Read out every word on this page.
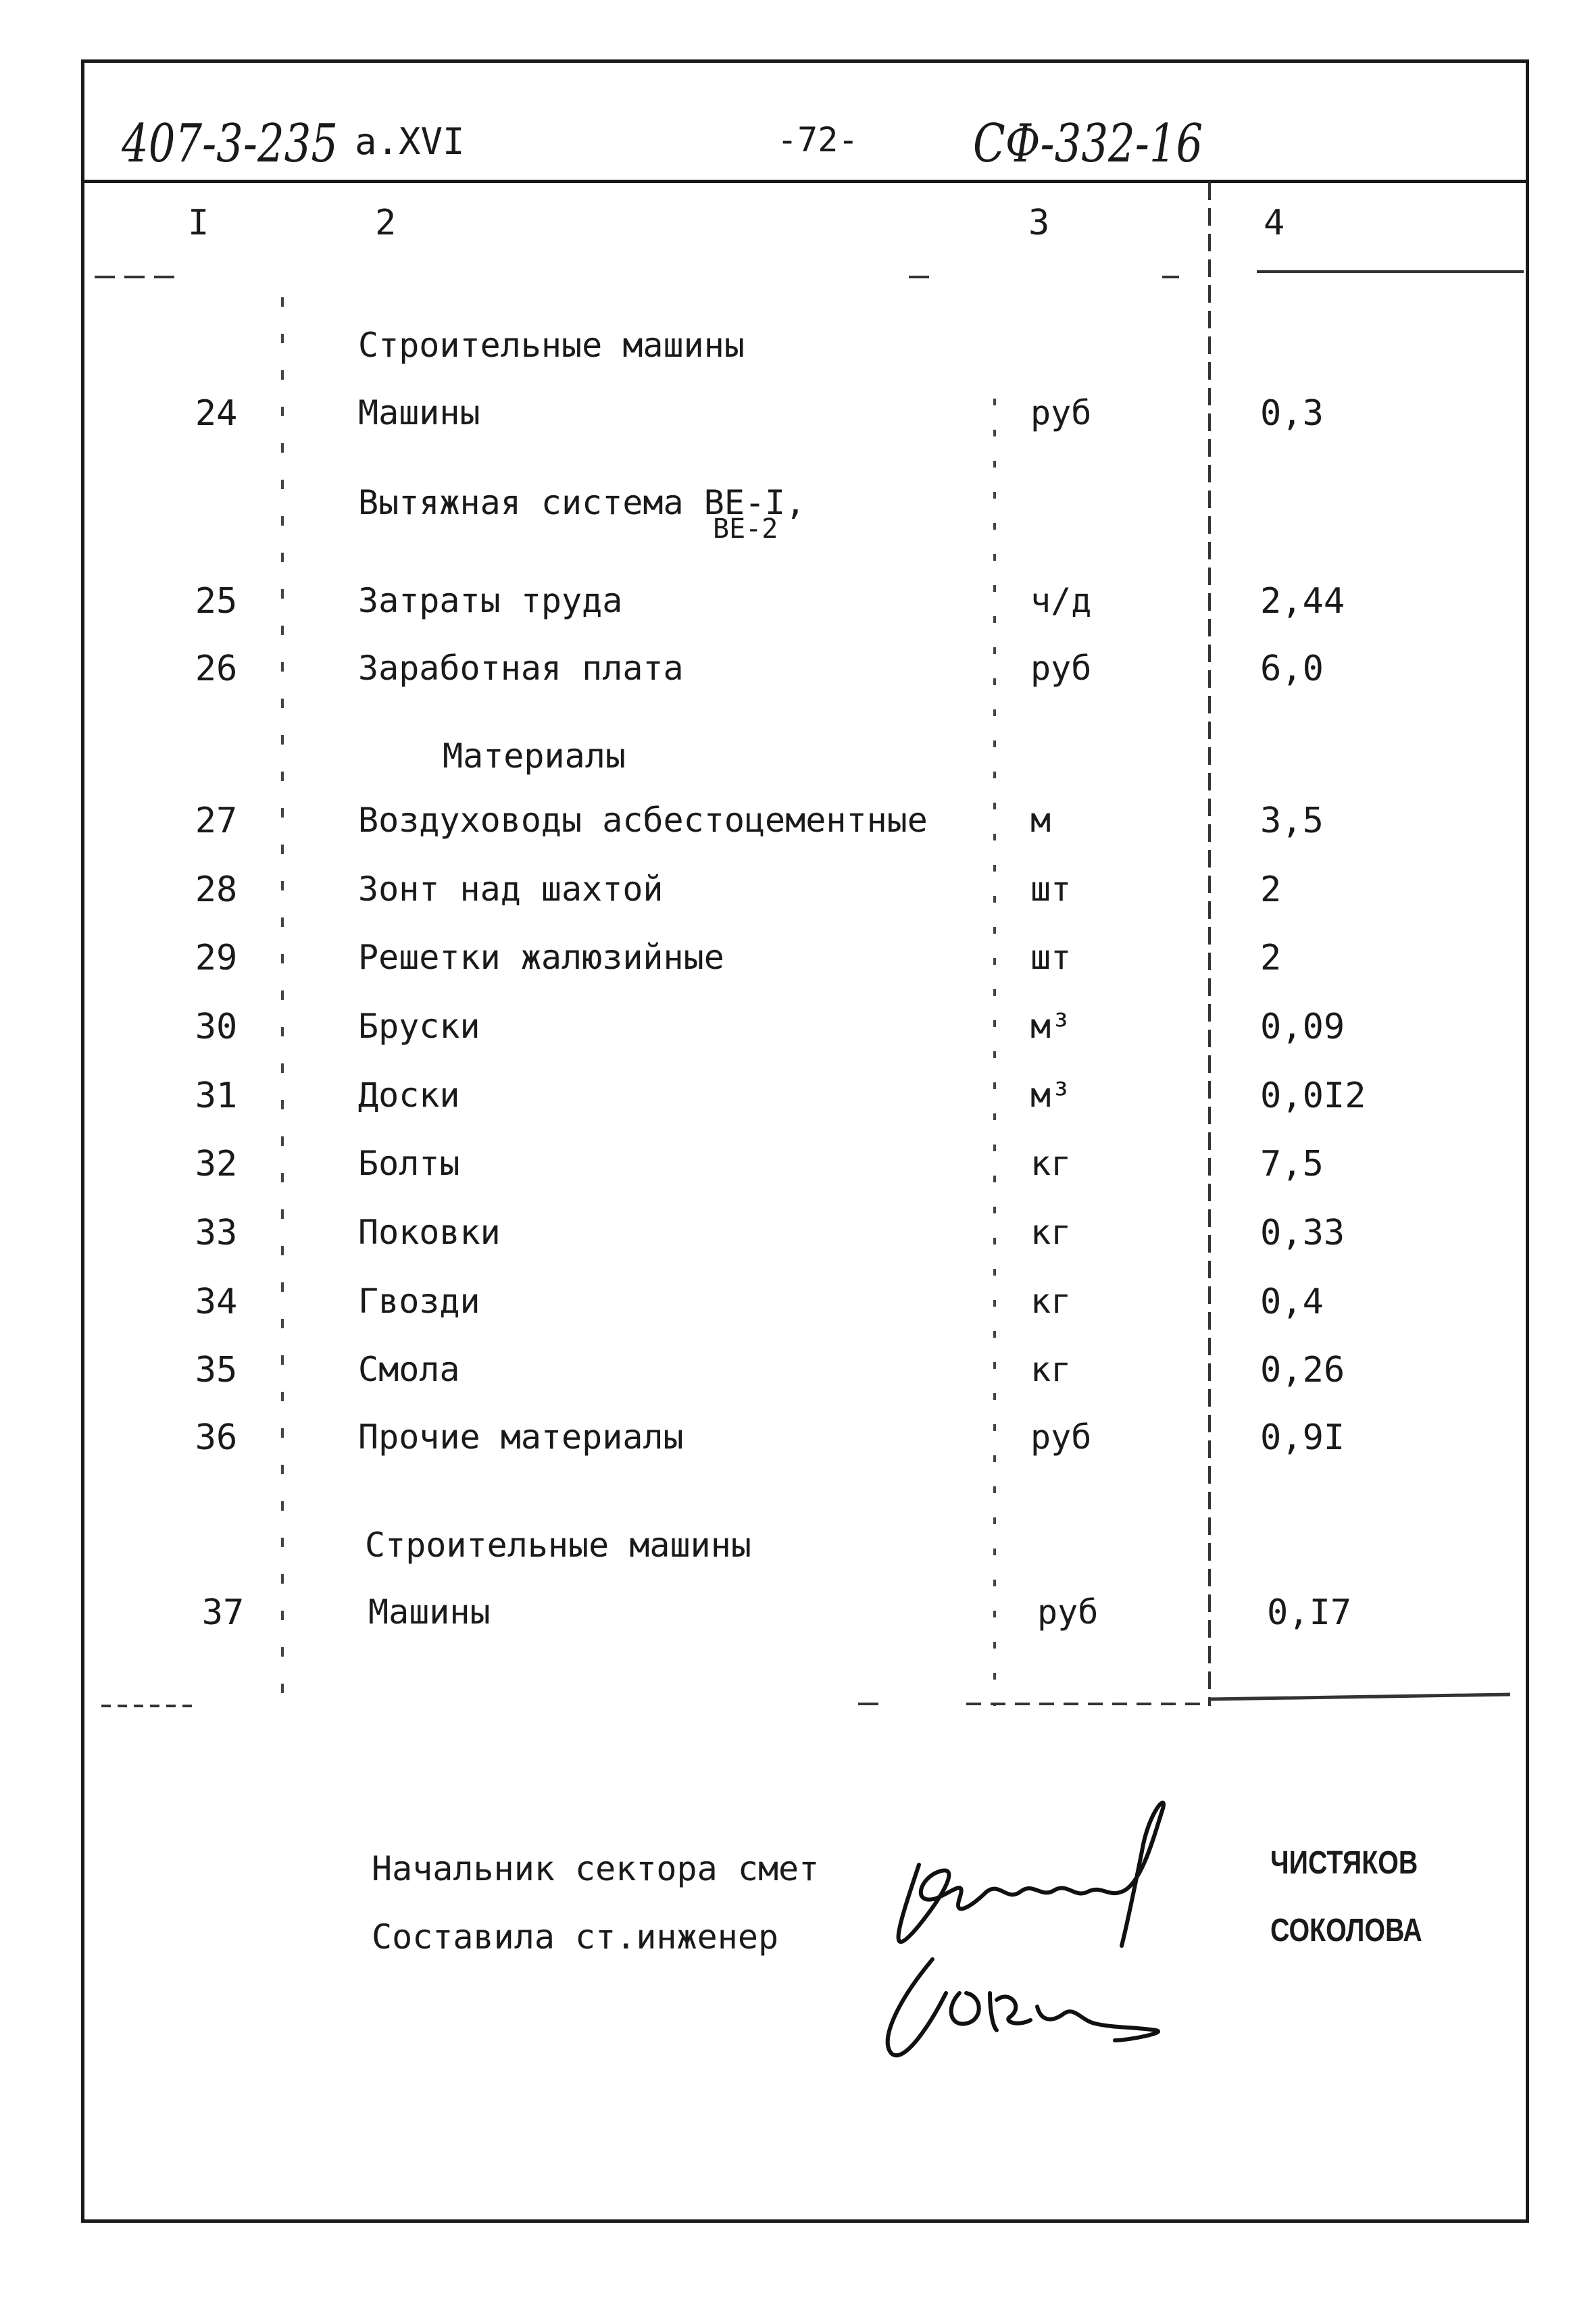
407-3-235 а.XVI	-72- СФ-332-16
I	2	3	4
Строительные машины
Вытяжная система ВЕ-I,
ВЕ-2
Материалы
Строительные машины
24	Машины	руб	0,3
25	Затраты труда	ч/д	2,44
26	Заработная плата	руб	6,0
27	Воздуховоды асбестоцементные	м	3,5
28	Зонт над шахтой	шт	2
29	Решетки жалюзийные	шт	2
30	Бруски	м³	0,09
31	Доски	м³	0,0I2
32	Болты	кг	7,5
33	Поковки	кг	0,33
34	Гвозди	кг	0,4
35	Смола	кг	0,26
36	Прочие материалы	руб	0,9I
37	Машины	руб	0,I7
Начальник сектора смет
Составила ст.инженер
ЧИСТЯКОВ
СОКОЛОВА
